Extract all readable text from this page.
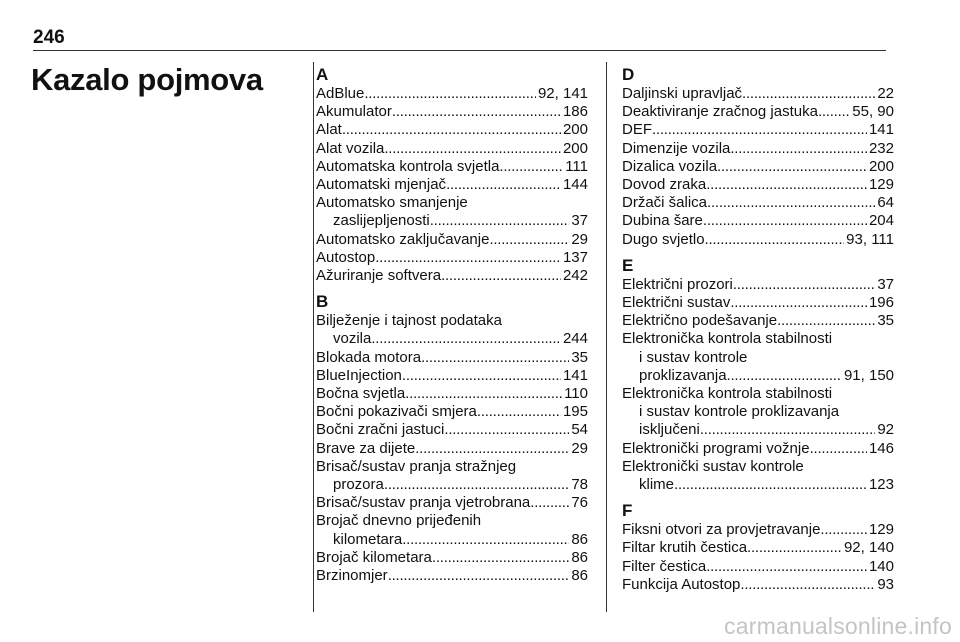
246
Kazalo pojmova	A
AdBlue . . .	92, 141
Akumulator . . .	186
Alat . . .	200
Alat vozila . . .	200
Automatska kontrola svjetla . . .	111
Automatski mjenjač . . .	144
Automatsko smanjenje
zaslijepljenosti . . .	37
Automatsko zaključavanje . . .	29
Autostop . . .	137
Ažuriranje softvera . . .	242
B
Bilježenje i tajnost podataka
vozila . . .	244
Blokada motora . . .	35
BlueInjection . . .	141
Bočna svjetla . . .	110
Bočni pokazivači smjera . . .	195
Bočni zračni jastuci . . .	54
Brave za dijete . . .	29
Brisač/sustav pranja stražnjeg
prozora . . .	78
Brisač/sustav pranja vjetrobrana . . .	76
Brojač dnevno prijeđenih
kilometara . . .	86
Brojač kilometara . . .	86
Brzinomjer . . .	86
D
Daljinski upravljač . . .	22
Deaktiviranje zračnog jastuka . . . 55, 90
DEF . . .	141
Dimenzije vozila . . .	232
Dizalica vozila . . .	200
Dovod zraka . . .	129
Držači šalica . . .	64
Dubina šare . . .	204
Dugo svjetlo . . .	93, 111
E
Električni prozori . . .	37
Električni sustav . . .	196
Električno podešavanje . . .	35
Elektronička kontrola stabilnosti
i sustav kontrole
proklizavanja . . .	91, 150
Elektronička kontrola stabilnosti
i sustav kontrole proklizavanja
isključeni . . .	92
Elektronički programi vožnje . . .	146
Elektronički sustav kontrole
klime . . .	123
F
Fiksni otvori za provjetravanje . . .	129
Filtar krutih čestica . . .	92, 140
Filter čestica . . .	140
Funkcija Autostop . . .	93
carmanualsonline.info
